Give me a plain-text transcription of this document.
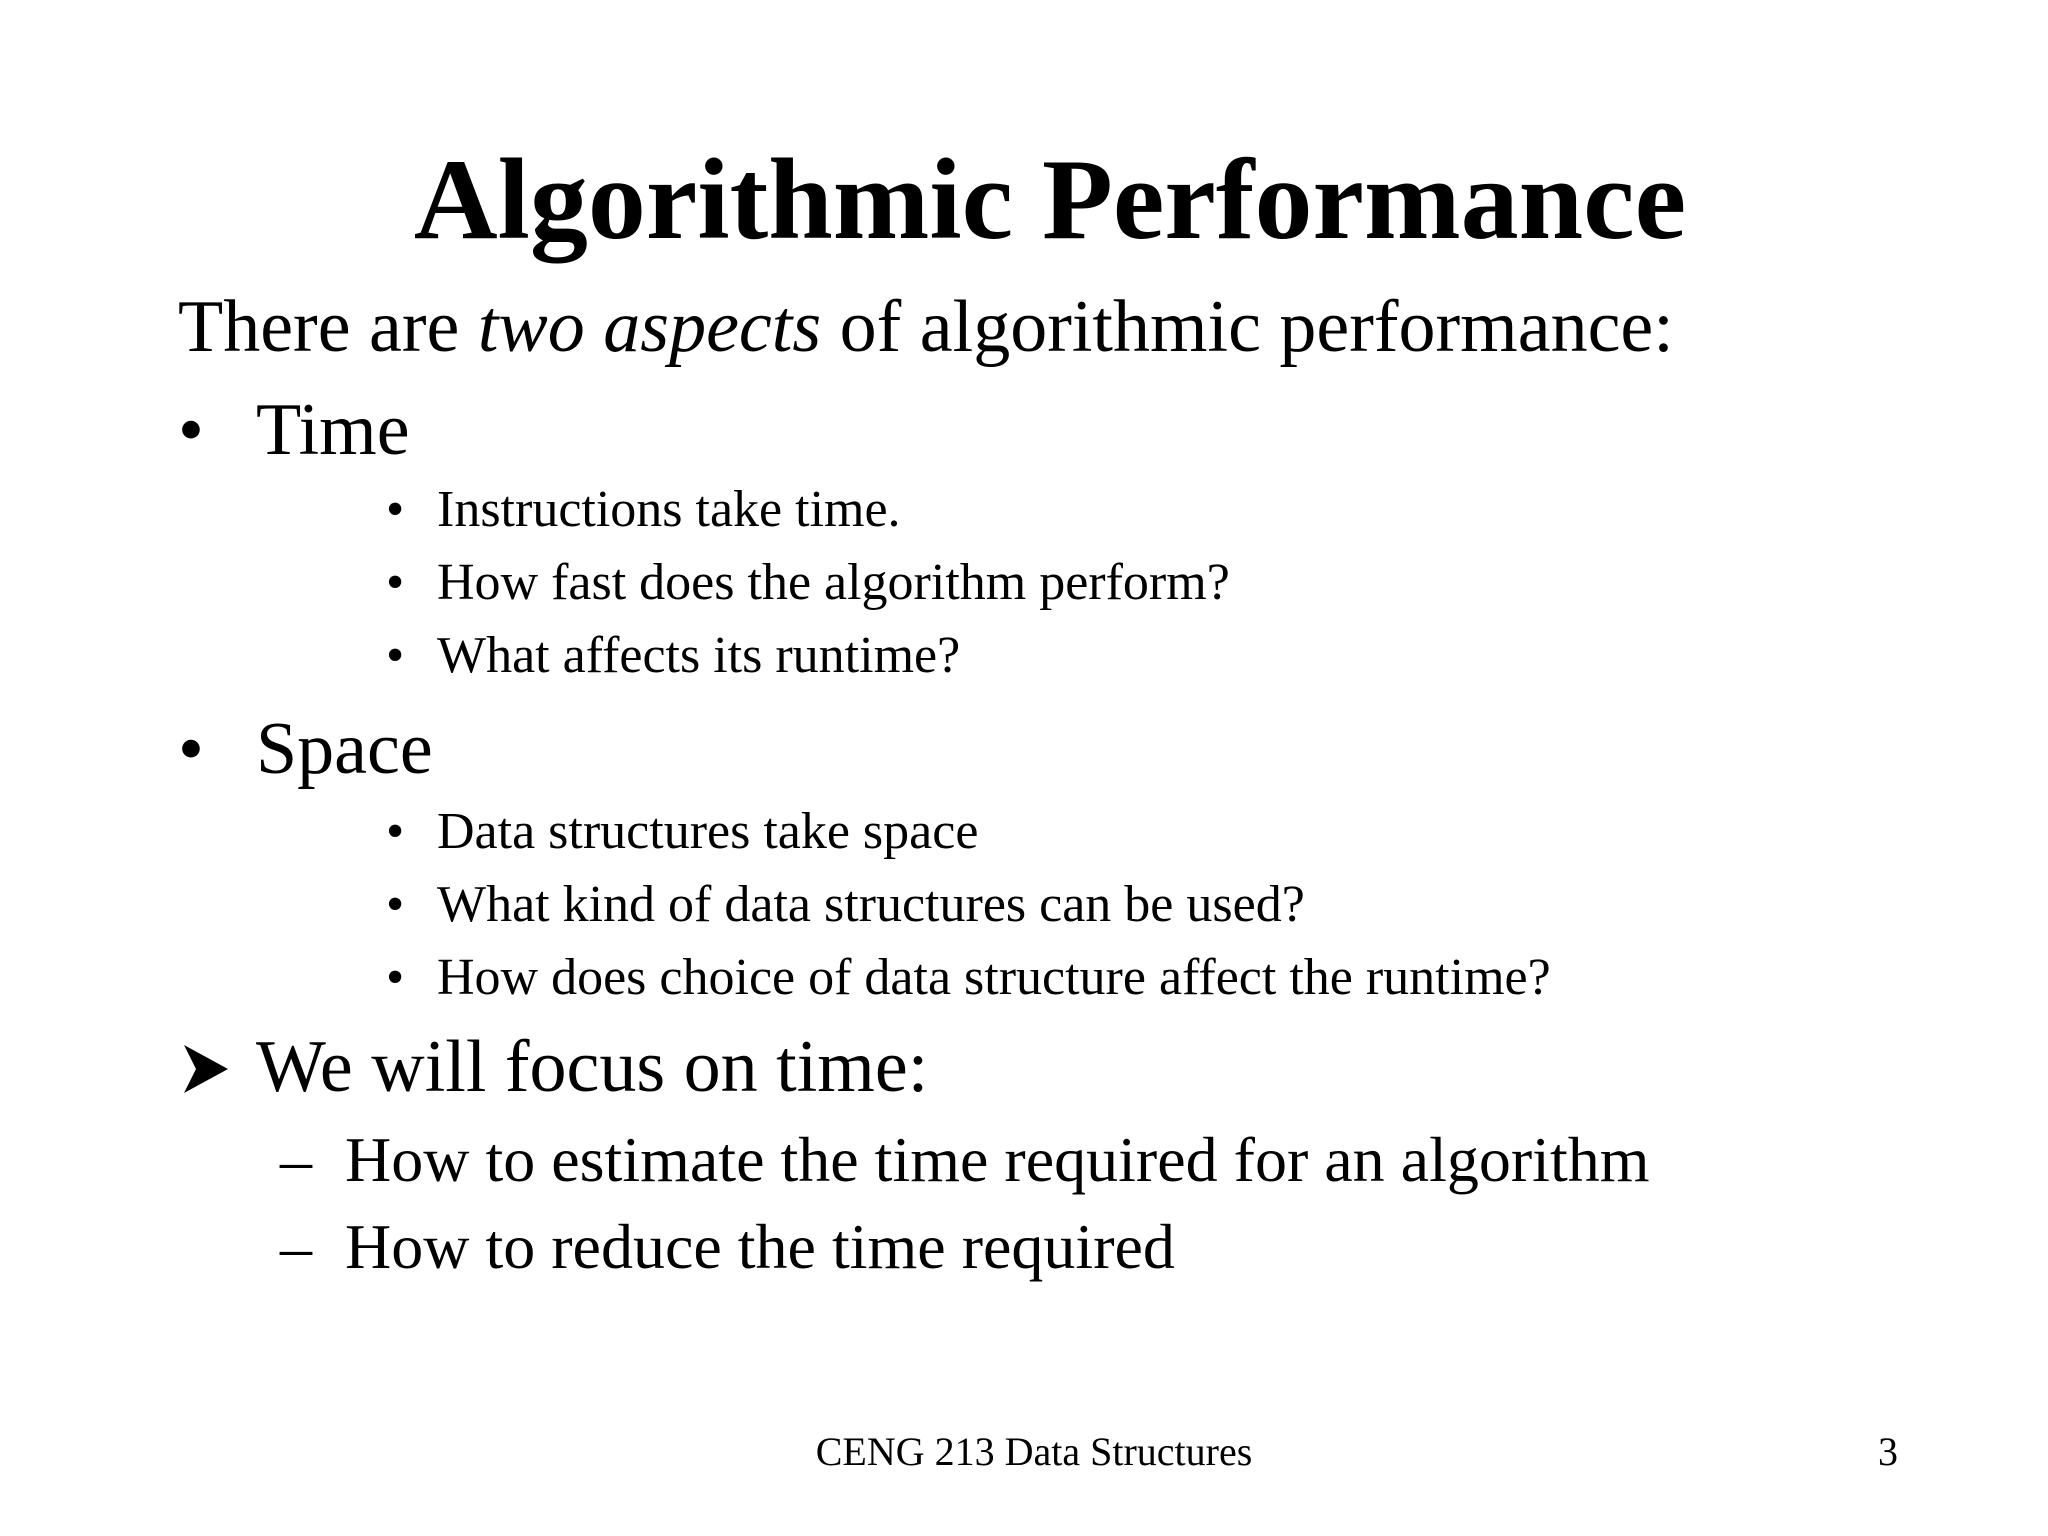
Algorithmic Performance
There are two aspects of algorithmic performance:
• Time
• Instructions take time.
• How fast does the algorithm perform?
• What affects its runtime?
• Space
• Data structures take space
• What kind of data structures can be used?
• How does choice of data structure affect the runtime?
We will focus on time:
– How to estimate the time required for an algorithm
– How to reduce the time required
CENG 213 Data Structures	3
